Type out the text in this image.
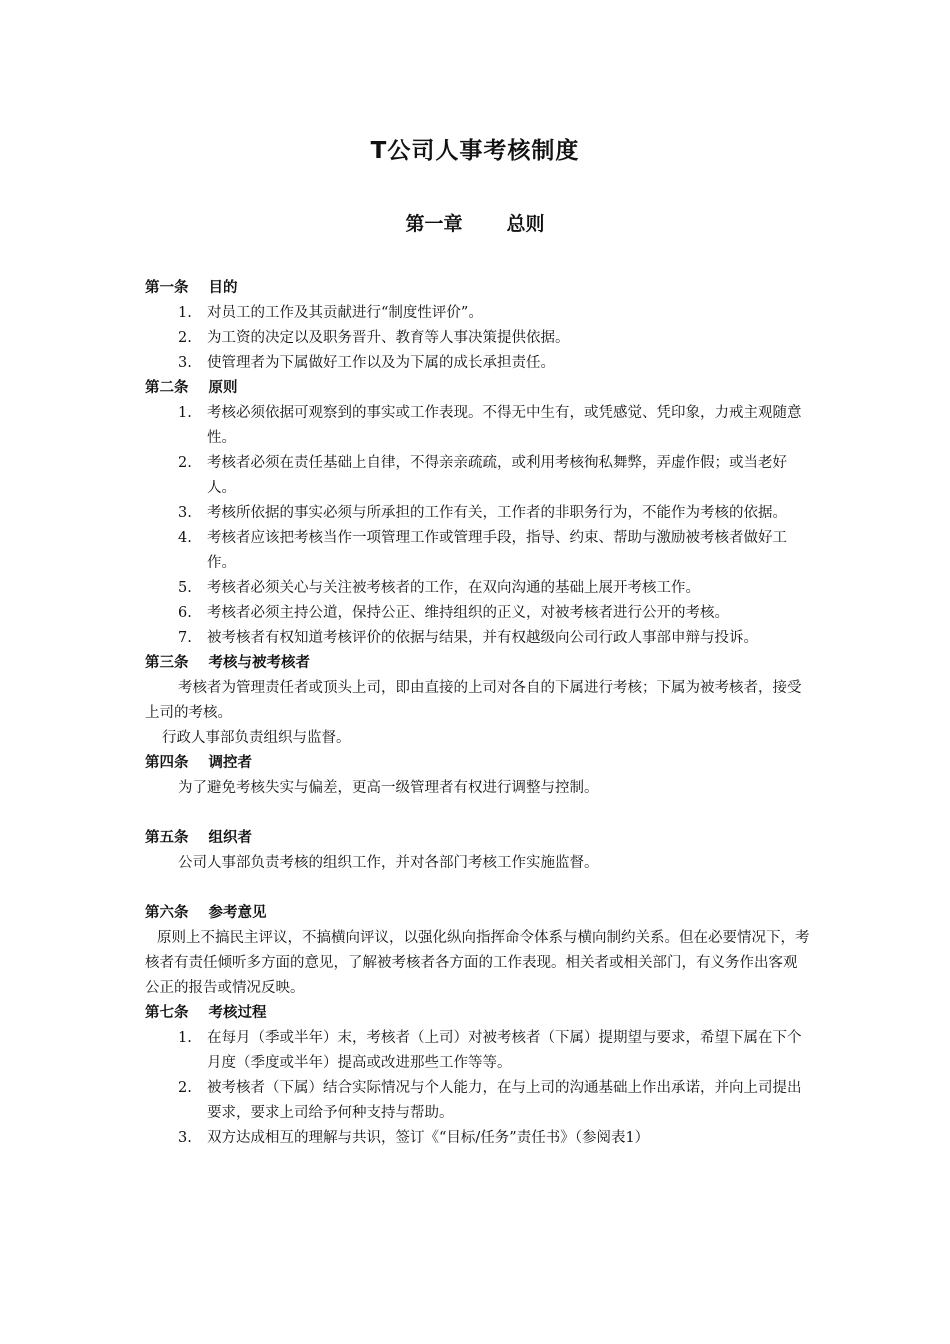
T公司人事考核制度
第一章 总则
第一条 目的
1. 对员工的工作及其贡献进行“制度性评价”。
2. 为工资的决定以及职务晋升、教育等人事决策提供依据。
3. 使管理者为下属做好工作以及为下属的成长承担责任。
第二条 原则
1. 考核必须依据可观察到的事实或工作表现。不得无中生有，或凭感觉、凭印象，力戒主观随意性。
2. 考核者必须在责任基础上自律，不得亲亲疏疏，或利用考核徇私舞弊，弄虚作假；或当老好人。
3. 考核所依据的事实必须与所承担的工作有关，工作者的非职务行为，不能作为考核的依据。
4. 考核者应该把考核当作一项管理工作或管理手段，指导、约束、帮助与激励被考核者做好工作。
5. 考核者必须关心与关注被考核者的工作，在双向沟通的基础上展开考核工作。
6. 考核者必须主持公道，保持公正、维持组织的正义，对被考核者进行公开的考核。
7. 被考核者有权知道考核评价的依据与结果，并有权越级向公司行政人事部申辩与投诉。
第三条 考核与被考核者
考核者为管理责任者或顶头上司，即由直接的上司对各自的下属进行考核；下属为被考核者，接受上司的考核。
行政人事部负责组织与监督。
第四条 调控者
为了避免考核失实与偏差，更高一级管理者有权进行调整与控制。
第五条 组织者
公司人事部负责考核的组织工作，并对各部门考核工作实施监督。
第六条 参考意见
原则上不搞民主评议，不搞横向评议，以强化纵向指挥命令体系与横向制约关系。但在必要情况下，考核者有责任倾听多方面的意见，了解被考核者各方面的工作表现。相关者或相关部门，有义务作出客观公正的报告或情况反映。
第七条 考核过程
1. 在每月（季或半年）末，考核者（上司）对被考核者（下属）提期望与要求，希望下属在下个月度（季度或半年）提高或改进那些工作等等。
2. 被考核者（下属）结合实际情况与个人能力，在与上司的沟通基础上作出承诺，并向上司提出要求，要求上司给予何种支持与帮助。
3. 双方达成相互的理解与共识，签订《“目标/任务”责任书》（参阅表1）
